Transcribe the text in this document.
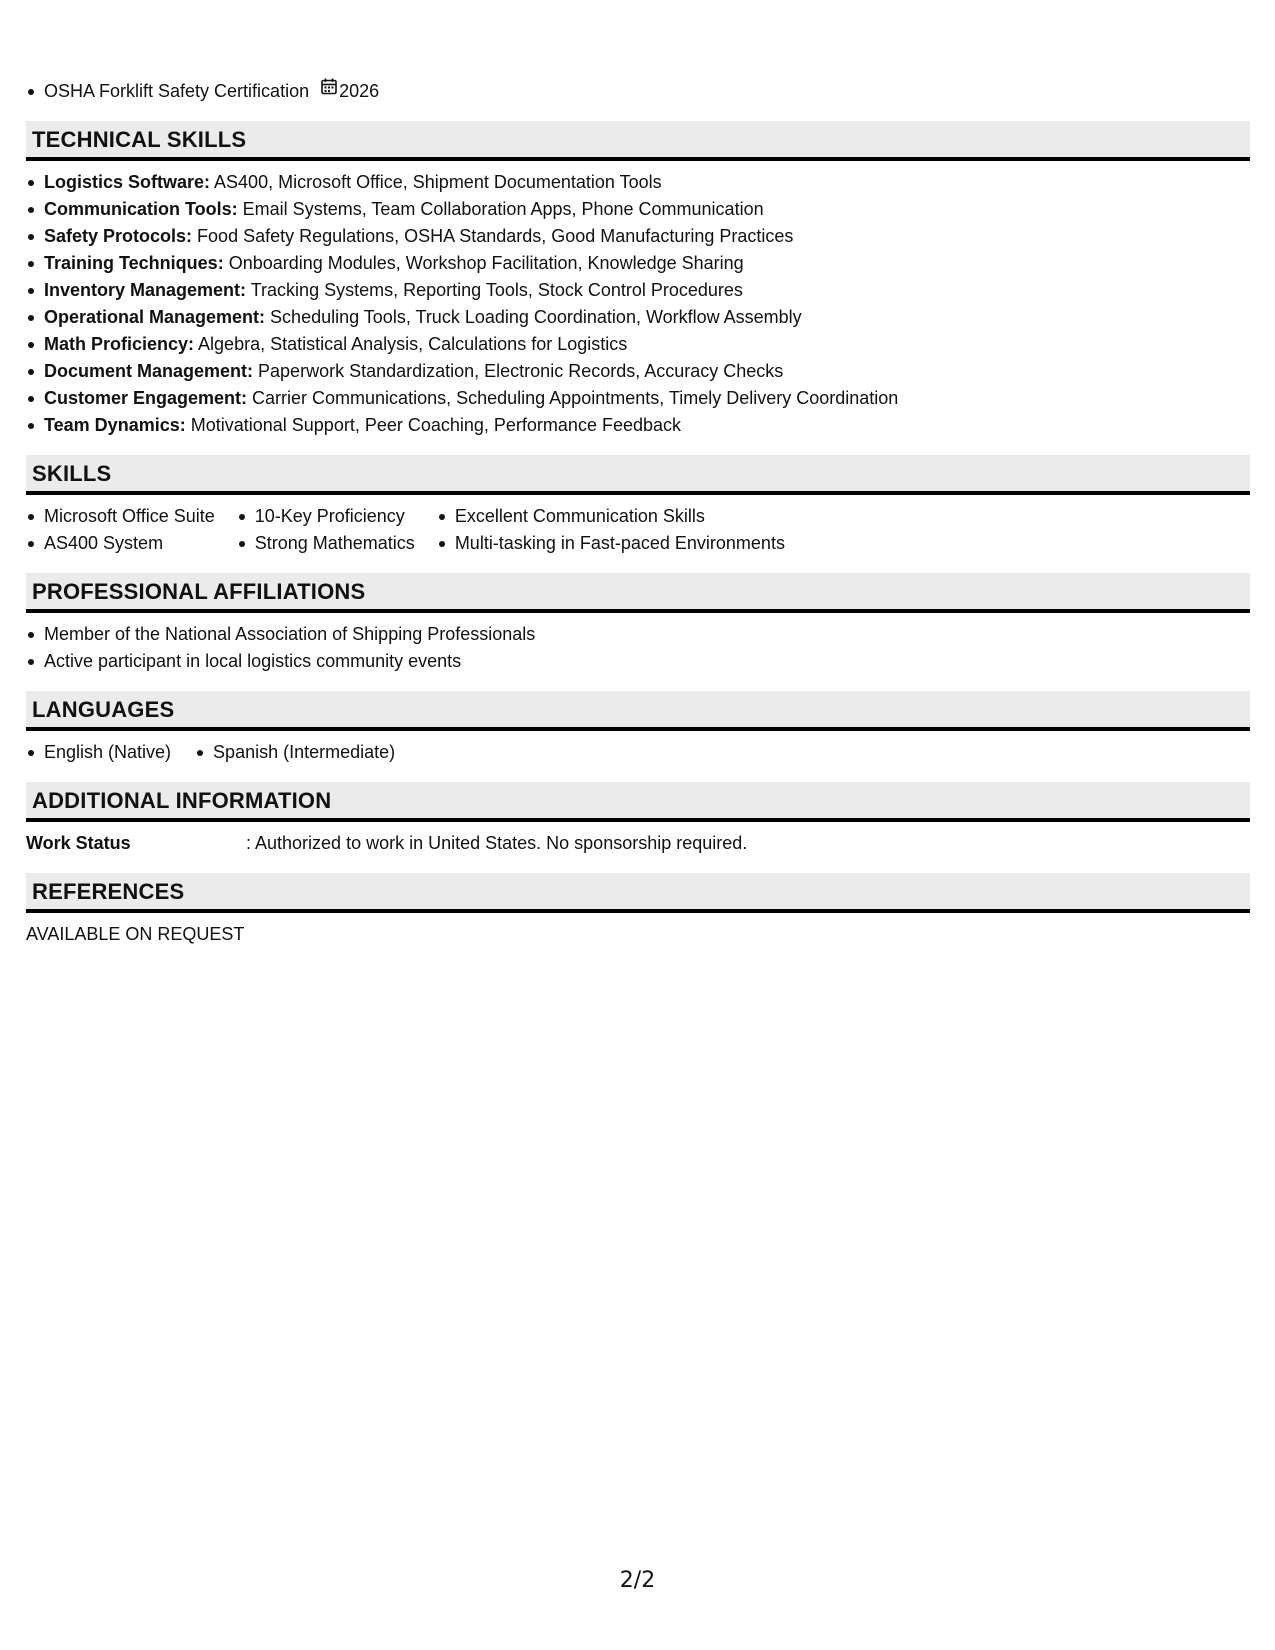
OSHA Forklift Safety Certification 2026
TECHNICAL SKILLS
Logistics Software: AS400, Microsoft Office, Shipment Documentation Tools
Communication Tools: Email Systems, Team Collaboration Apps, Phone Communication
Safety Protocols: Food Safety Regulations, OSHA Standards, Good Manufacturing Practices
Training Techniques: Onboarding Modules, Workshop Facilitation, Knowledge Sharing
Inventory Management: Tracking Systems, Reporting Tools, Stock Control Procedures
Operational Management: Scheduling Tools, Truck Loading Coordination, Workflow Assembly
Math Proficiency: Algebra, Statistical Analysis, Calculations for Logistics
Document Management: Paperwork Standardization, Electronic Records, Accuracy Checks
Customer Engagement: Carrier Communications, Scheduling Appointments, Timely Delivery Coordination
Team Dynamics: Motivational Support, Peer Coaching, Performance Feedback
SKILLS
Microsoft Office Suite
AS400 System
10-Key Proficiency
Strong Mathematics
Excellent Communication Skills
Multi-tasking in Fast-paced Environments
PROFESSIONAL AFFILIATIONS
Member of the National Association of Shipping Professionals
Active participant in local logistics community events
LANGUAGES
English (Native)	Spanish (Intermediate)
ADDITIONAL INFORMATION
Work Status	: Authorized to work in United States. No sponsorship required.
REFERENCES
AVAILABLE ON REQUEST
2/2
